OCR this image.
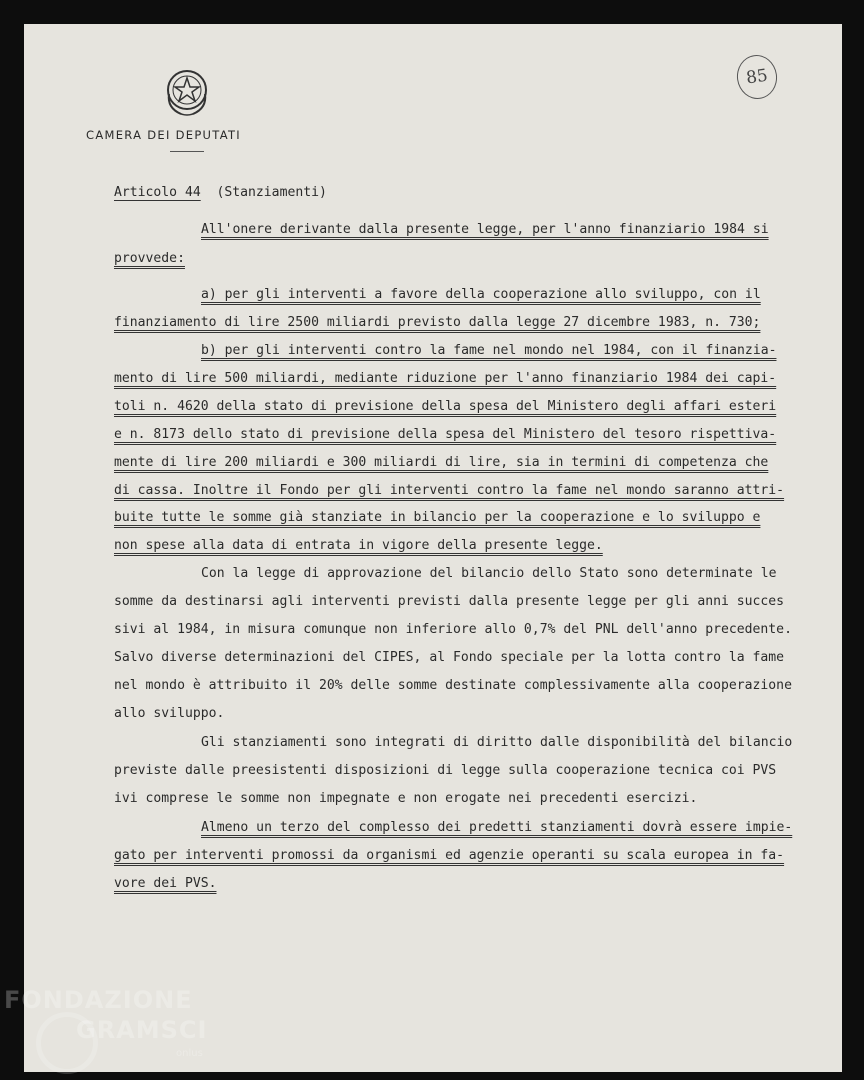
CAMERA DEI DEPUTATI
85
Articolo 44 (Stanziamenti)
All'onere derivante dalla presente legge, per l'anno finanziario 1984 si
provvede:
a) per gli interventi a favore della cooperazione allo sviluppo, con il
finanziamento di lire 2500 miliardi previsto dalla legge 27 dicembre 1983, n. 730;
b) per gli interventi contro la fame nel mondo nel 1984, con il finanzia-
mento di lire 500 miliardi, mediante riduzione per l'anno finanziario 1984 dei capi-
toli n. 4620 della stato di previsione della spesa del Ministero degli affari esteri
e n. 8173 dello stato di previsione della spesa del Ministero del tesoro rispettiva-
mente di lire 200 miliardi e 300 miliardi di lire, sia in termini di competenza che
di cassa. Inoltre il Fondo per gli interventi contro la fame nel mondo saranno attri-
buite tutte le somme già stanziate in bilancio per la cooperazione e lo sviluppo e
non spese alla data di entrata in vigore della presente legge.
Con la legge di approvazione del bilancio dello Stato sono determinate le
somme da destinarsi agli interventi previsti dalla presente legge per gli anni succes
sivi al 1984, in misura comunque non inferiore allo 0,7% del PNL dell'anno precedente.
Salvo diverse determinazioni del CIPES, al Fondo speciale per la lotta contro la fame
nel mondo è attribuito il 20% delle somme destinate complessivamente alla cooperazione
allo sviluppo.
Gli stanziamenti sono integrati di diritto dalle disponibilità del bilancio
previste dalle preesistenti disposizioni di legge sulla cooperazione tecnica coi PVS
ivi comprese le somme non impegnate e non erogate nei precedenti esercizi.
Almeno un terzo del complesso dei predetti stanziamenti dovrà essere impie-
gato per interventi promossi da organismi ed agenzie operanti su scala europea in fa-
vore dei PVS.
FONDAZIONE
GRAMSCI
onlus
